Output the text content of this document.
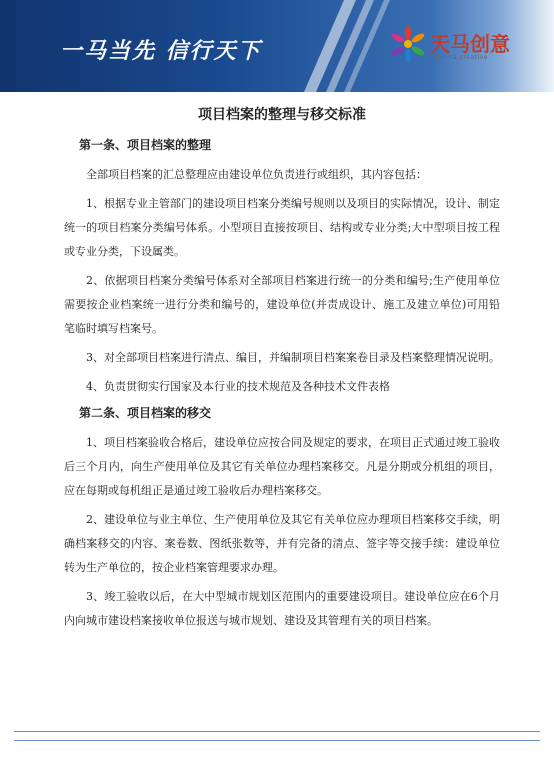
一马当先 信行天下	天马创意
Tianma creative
项目档案的整理与移交标准
第一条、项目档案的整理

全部项目档案的汇总整理应由建设单位负责进行或组织，其内容包括：

1、根据专业主管部门的建设项目档案分类编号规则以及项目的实际情况，设计、制定统一的项目档案分类编号体系。小型项目直接按项目、结构或专业分类;大中型项目按工程或专业分类，下设属类。

2、依据项目档案分类编号体系对全部项目档案进行统一的分类和编号;生产使用单位需要按企业档案统一进行分类和编号的，建设单位(并责成设计、施工及建立单位)可用铅笔临时填写档案号。

3、对全部项目档案进行清点、编目，并编制项目档案案卷目录及档案整理情况说明。

4、负责贯彻实行国家及本行业的技术规范及各种技术文件表格

第二条、项目档案的移交

1、项目档案验收合格后，建设单位应按合同及规定的要求，在项目正式通过竣工验收后三个月内，向生产使用单位及其它有关单位办理档案移交。凡是分期或分机组的项目，应在每期或每机组正是通过竣工验收后办理档案移交。

2、建设单位与业主单位、生产使用单位及其它有关单位应办理项目档案移交手续，明确档案移交的内容、案卷数、图纸张数等，并有完备的清点、签字等交接手续：建设单位转为生产单位的，按企业档案管理要求办理。

3、竣工验收以后，在大中型城市规划区范围内的重要建设项目。建设单位应在6个月内向城市建设档案接收单位报送与城市规划、建设及其管理有关的项目档案。
